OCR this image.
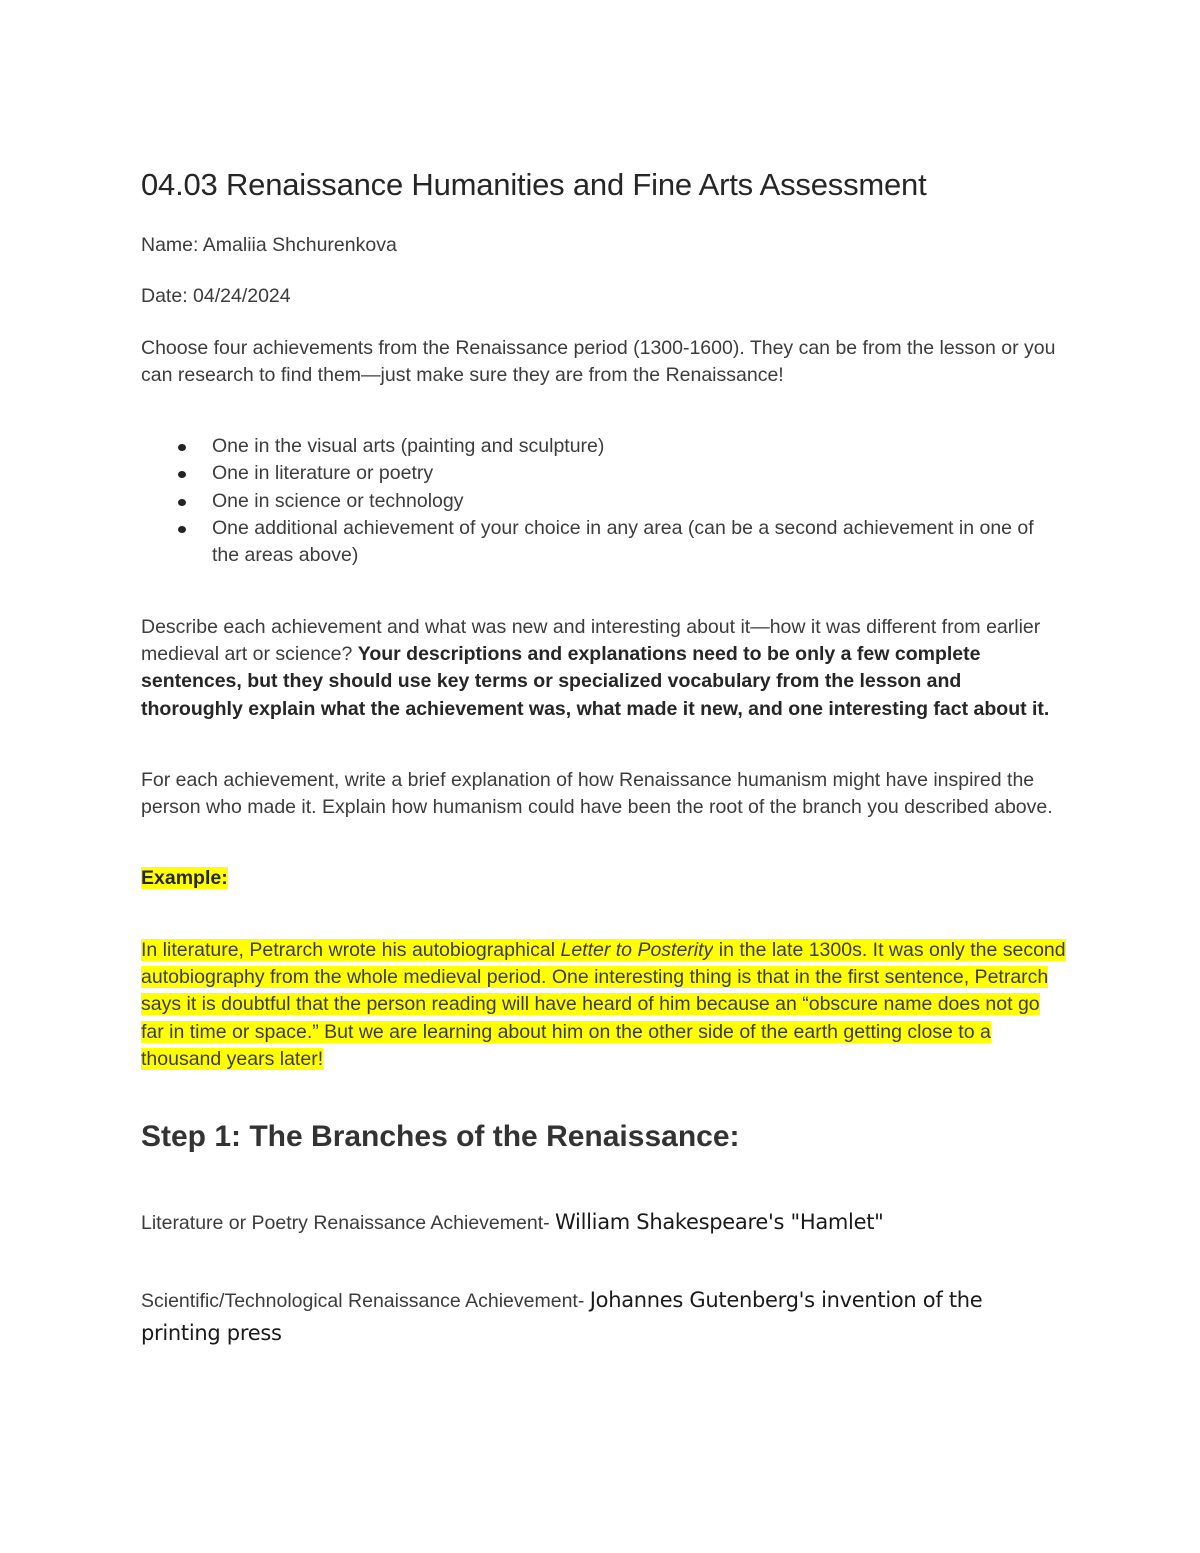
04.03 Renaissance Humanities and Fine Arts Assessment

Name: Amaliia Shchurenkova

Date: 04/24/2024

Choose four achievements from the Renaissance period (1300-1600). They can be from the lesson or you can research to find them—just make sure they are from the Renaissance!

One in the visual arts (painting and sculpture)
One in literature or poetry
One in science or technology
One additional achievement of your choice in any area (can be a second achievement in one of the areas above)

Describe each achievement and what was new and interesting about it—how it was different from earlier medieval art or science? Your descriptions and explanations need to be only a few complete sentences, but they should use key terms or specialized vocabulary from the lesson and thoroughly explain what the achievement was, what made it new, and one interesting fact about it.

For each achievement, write a brief explanation of how Renaissance humanism might have inspired the person who made it. Explain how humanism could have been the root of the branch you described above.

Example:

In literature, Petrarch wrote his autobiographical Letter to Posterity in the late 1300s. It was only the second autobiography from the whole medieval period. One interesting thing is that in the first sentence, Petrarch says it is doubtful that the person reading will have heard of him because an “obscure name does not go far in time or space.” But we are learning about him on the other side of the earth getting close to a thousand years later!

Step 1: The Branches of the Renaissance:

Literature or Poetry Renaissance Achievement- William Shakespeare's "Hamlet"

Scientific/Technological Renaissance Achievement- Johannes Gutenberg's invention of the printing press
